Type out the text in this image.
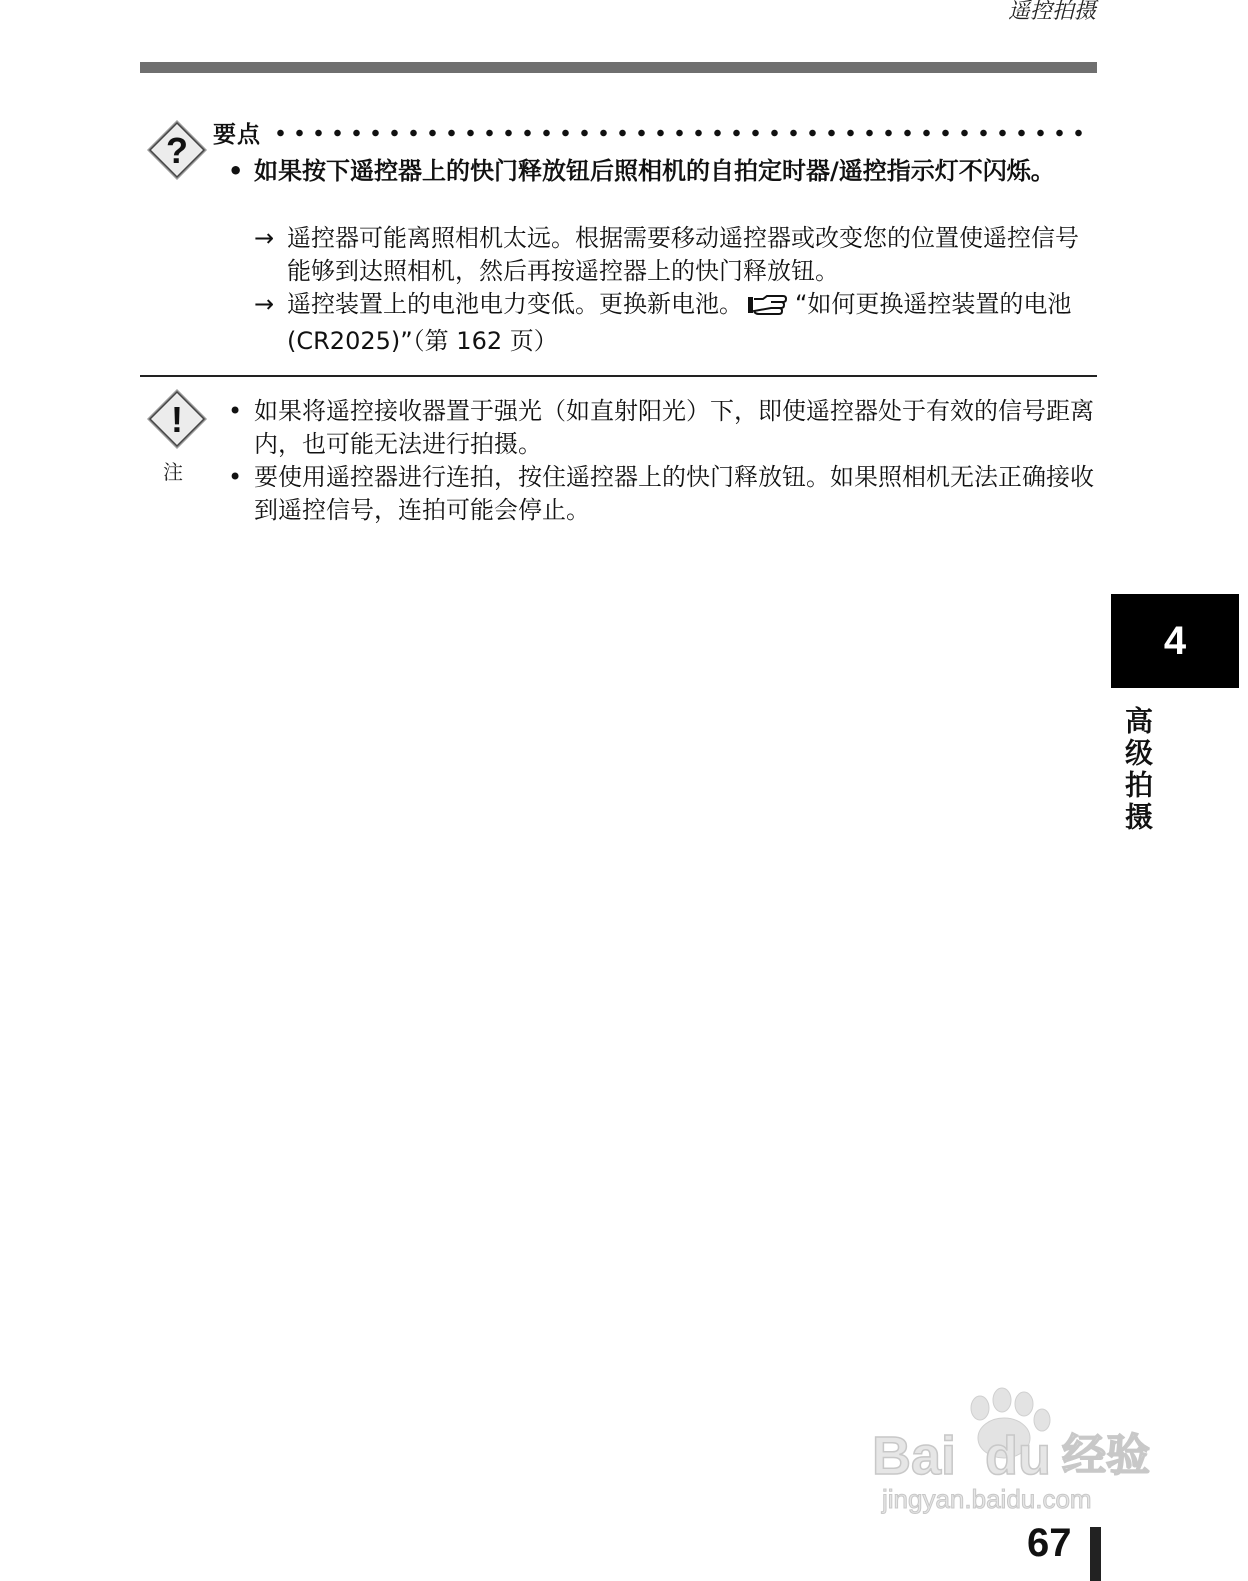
遥控拍摄
? 要点
• 如果按下遥控器上的快门释放钮后照相机的自拍定时器/遥控指示灯不闪烁。
→ 遥控器可能离照相机太远。根据需要移动遥控器或改变您的位置使遥控信号能够到达照相机，然后再按遥控器上的快门释放钮。
→ 遥控装置上的电池电力变低。更换新电池。 “如何更换遥控装置的电池 (CR2025)”（第 162 页）
!
注
• 如果将遥控接收器置于强光（如直射阳光）下，即使遥控器处于有效的信号距离内，也可能无法进行拍摄。
• 要使用遥控器进行连拍，按住遥控器上的快门释放钮。如果照相机无法正确接收到遥控信号，连拍可能会停止。
4
高级拍摄
Bai du 经验
jingyan.baidu.com
67
